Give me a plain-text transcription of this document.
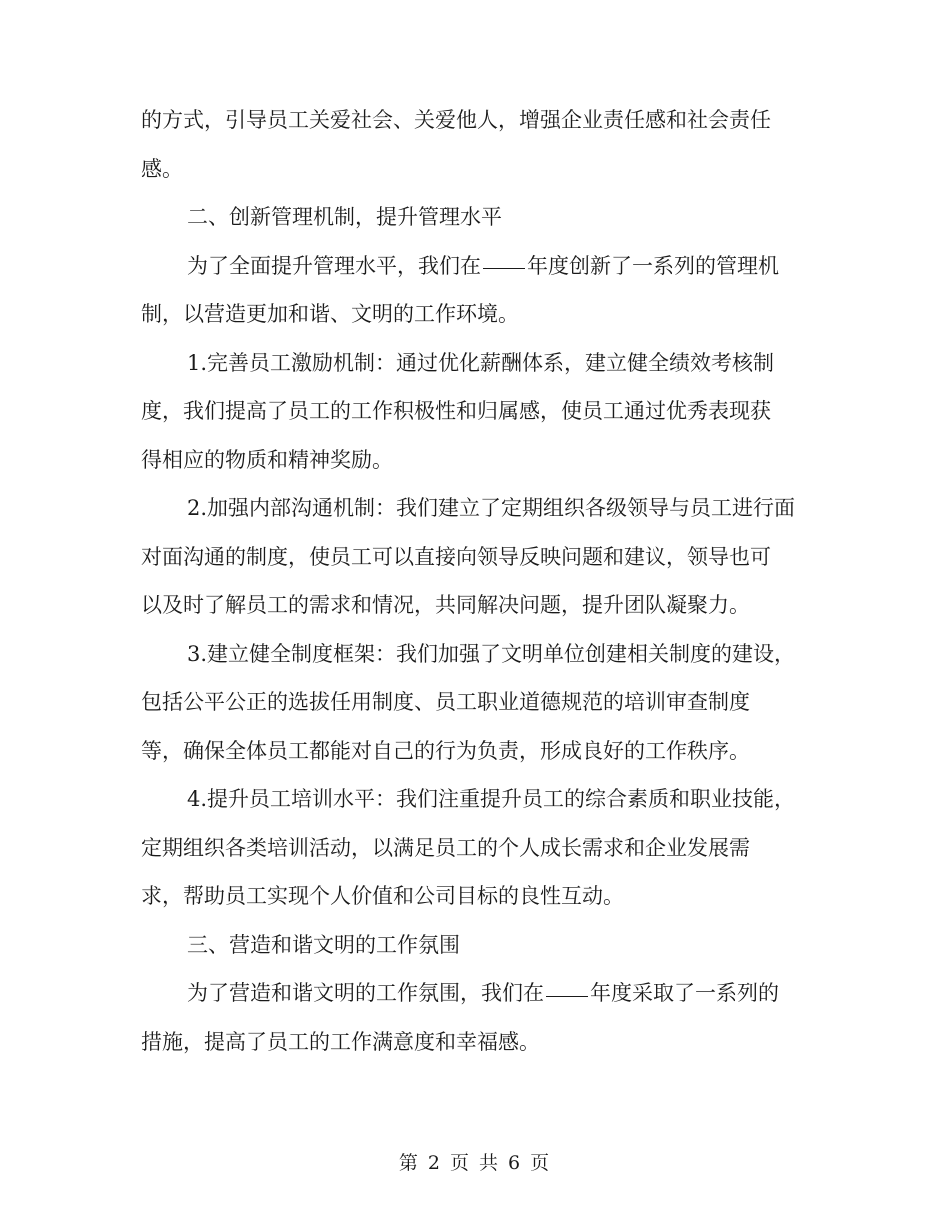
的方式，引导员工关爱社会、关爱他人，增强企业责任感和社会责任
感。
二、创新管理机制，提升管理水平
为了全面提升管理水平，我们在 年度创新了一系列的管理机
制，以营造更加和谐、文明的工作环境。
1.完善员工激励机制：通过优化薪酬体系，建立健全绩效考核制
度，我们提高了员工的工作积极性和归属感，使员工通过优秀表现获
得相应的物质和精神奖励。
2.加强内部沟通机制：我们建立了定期组织各级领导与员工进行面
对面沟通的制度，使员工可以直接向领导反映问题和建议，领导也可
以及时了解员工的需求和情况，共同解决问题，提升团队凝聚力。
3.建立健全制度框架：我们加强了文明单位创建相关制度的建设，
包括公平公正的选拔任用制度、员工职业道德规范的培训审查制度
等，确保全体员工都能对自己的行为负责，形成良好的工作秩序。
4.提升员工培训水平：我们注重提升员工的综合素质和职业技能，
定期组织各类培训活动，以满足员工的个人成长需求和企业发展需
求，帮助员工实现个人价值和公司目标的良性互动。
三、营造和谐文明的工作氛围
为了营造和谐文明的工作氛围，我们在 年度采取了一系列的
措施，提高了员工的工作满意度和幸福感。
第 2 页 共 6 页
